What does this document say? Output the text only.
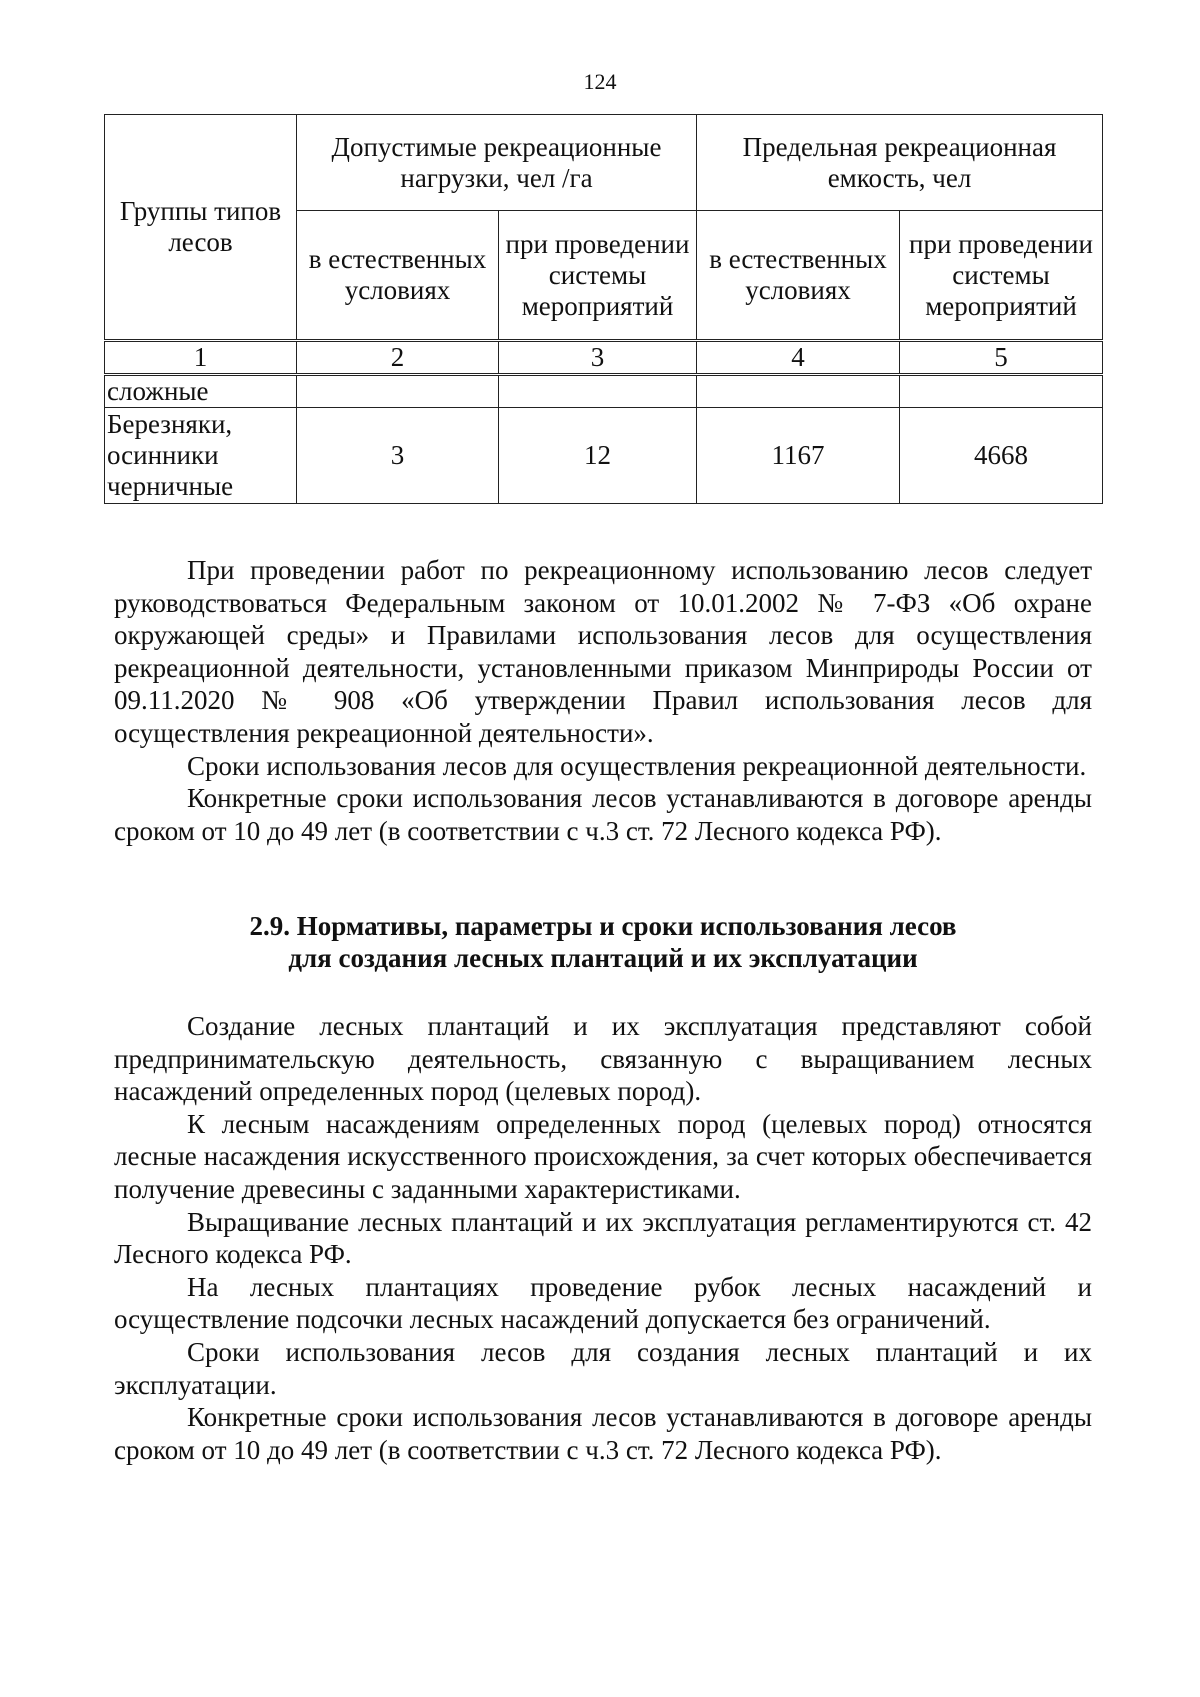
124
Группы типов лесов	Допустимые рекреационные нагрузки, чел /га		Предельная рекреационная емкость, чел	
	в естественных условиях	при проведении системы мероприятий	в естественных условиях	при проведении системы мероприятий
1	2	3	4	5
сложные				
Березняки, осинники черничные	3	12	1167	4668

При проведении работ по рекреационному использованию лесов следует руководствоваться Федеральным законом от 10.01.2002 № 7-ФЗ «Об охране окружающей среды» и Правилами использования лесов для осуществления рекреационной деятельности, установленными приказом Минприроды России от 09.11.2020 № 908 «Об утверждении Правил использования лесов для осуществления рекреационной деятельности».

Сроки использования лесов для осуществления рекреационной деятельности.

Конкретные сроки использования лесов устанавливаются в договоре аренды сроком от 10 до 49 лет (в соответствии с ч.3 ст. 72 Лесного кодекса РФ).

2.9. Нормативы, параметры и сроки использования лесов
для создания лесных плантаций и их эксплуатации

Создание лесных плантаций и их эксплуатация представляют собой предпринимательскую деятельность, связанную с выращиванием лесных насаждений определенных пород (целевых пород).

К лесным насаждениям определенных пород (целевых пород) относятся лесные насаждения искусственного происхождения, за счет которых обеспечивается получение древесины с заданными характеристиками.

Выращивание лесных плантаций и их эксплуатация регламентируются ст. 42 Лесного кодекса РФ.

На лесных плантациях проведение рубок лесных насаждений и осуществление подсочки лесных насаждений допускается без ограничений.

Сроки использования лесов для создания лесных плантаций и их эксплуатации.

Конкретные сроки использования лесов устанавливаются в договоре аренды сроком от 10 до 49 лет (в соответствии с ч.3 ст. 72 Лесного кодекса РФ).
